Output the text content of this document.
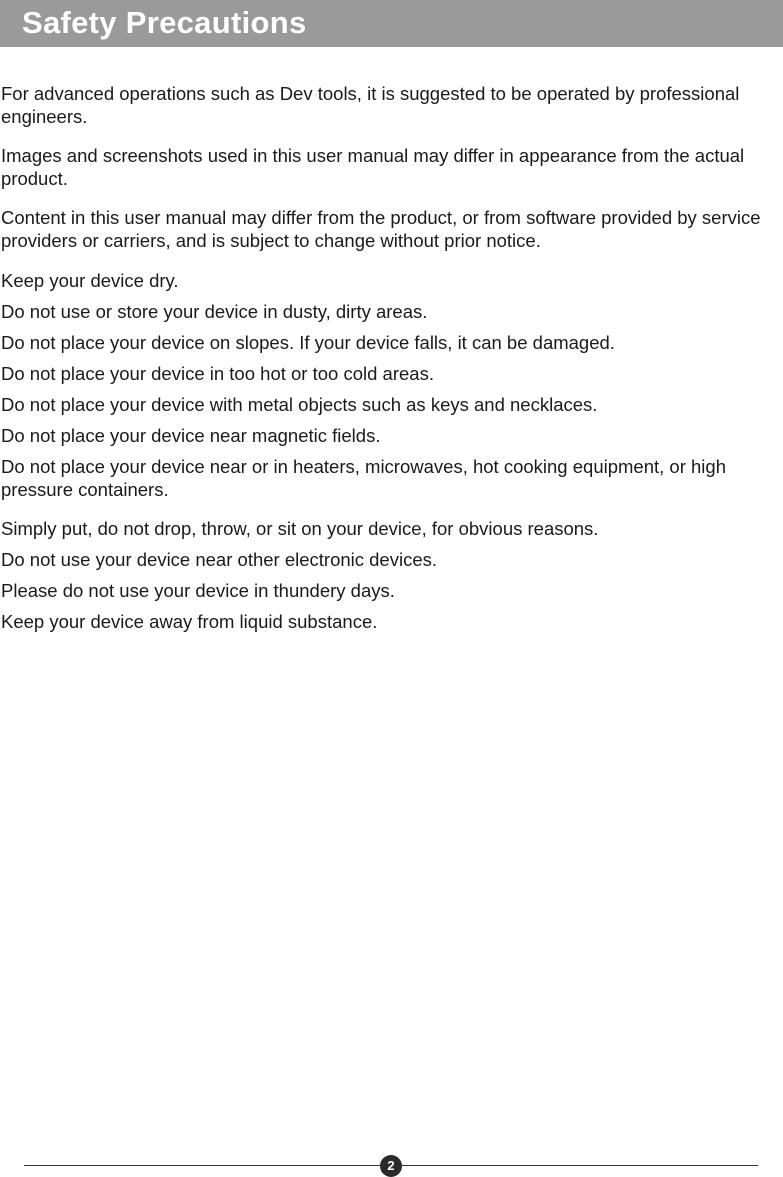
Safety Precautions

For advanced operations such as Dev tools, it is suggested to be operated by professional engineers.

Images and screenshots used in this user manual may differ in appearance from the actual product.

Content in this user manual may differ from the product, or from software provided by service providers or carriers, and is subject to change without prior notice.

Keep your device dry.

Do not use or store your device in dusty, dirty areas.

Do not place your device on slopes. If your device falls, it can be damaged.

Do not place your device in too hot or too cold areas.

Do not place your device with metal objects such as keys and necklaces.

Do not place your device near magnetic fields.

Do not place your device near or in heaters, microwaves, hot cooking equipment, or high pressure containers.

Simply put, do not drop, throw, or sit on your device, for obvious reasons.

Do not use your device near other electronic devices.

Please do not use your device in thundery days.

Keep your device away from liquid substance.

2
